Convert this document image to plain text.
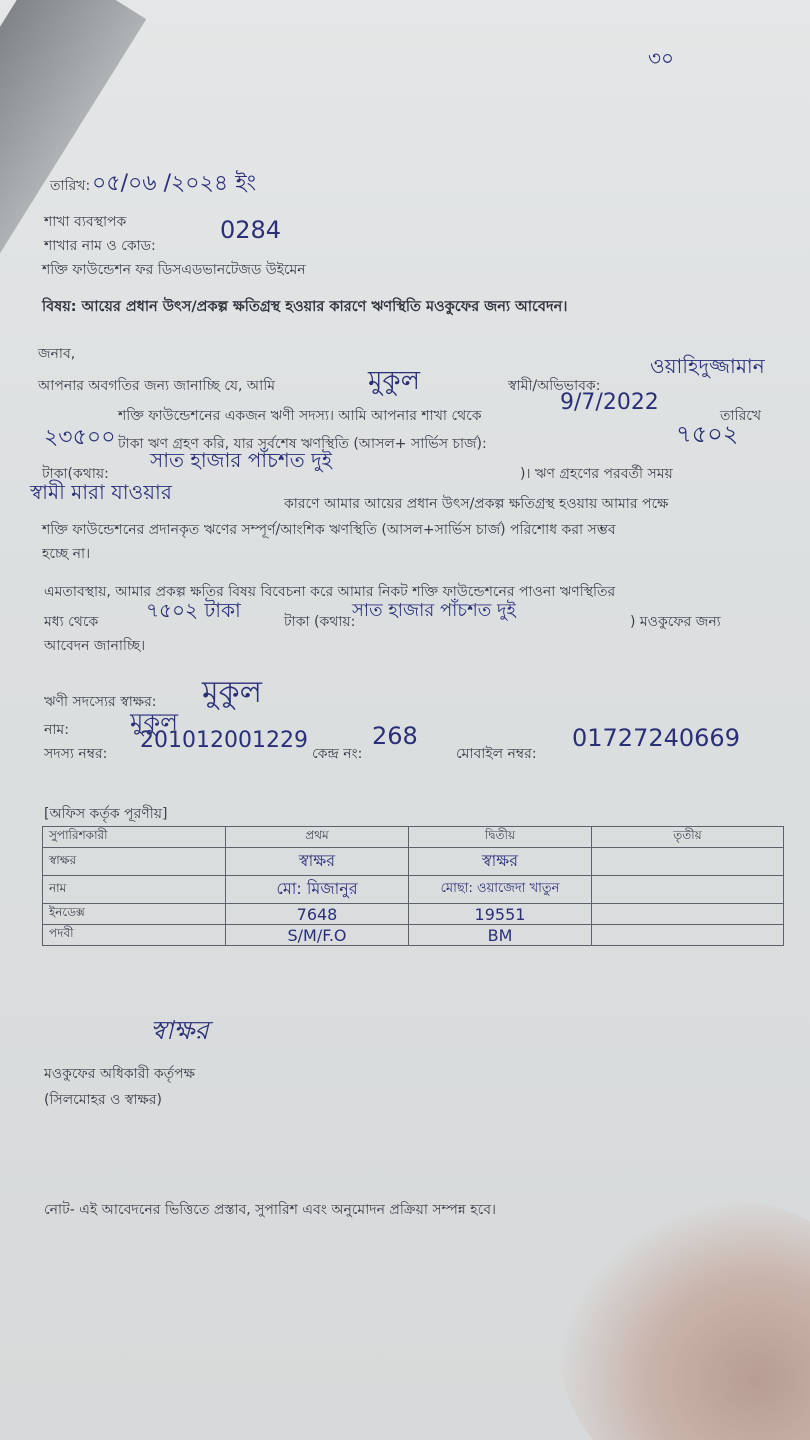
৩০
তারিখ: ০৫/০৬ /২০২৪ ইং
শাখা ব্যবস্থাপক
শাখার নাম ও কোড:
0284
শক্তি ফাউন্ডেশন ফর ডিসএডভানটেজড উইমেন
বিষয়: আয়ের প্রধান উৎস/প্রকল্প ক্ষতিগ্রস্থ হওয়ার কারণে ঋণস্থিতি মওকুফের জন্য আবেদন।
জনাব,
আপনার অবগতির জন্য জানাচ্ছি যে, আমি	মুকুল	স্বামী/অভিভাবক:
ওয়াহিদুজ্জামান
শক্তি ফাউন্ডেশনের একজন ঋণী সদস্য। আমি আপনার শাখা থেকে
9/7/2022
তারিখে
২৩৫০০ টাকা ঋণ গ্রহণ করি, যার সর্বশেষ ঋণস্থিতি (আসল+ সার্ভিস চার্জ):	৭৫০২
টাকা(কথায়:
সাত হাজার পাঁচশত দুই
)। ঋণ গ্রহণের পরবর্তী সময়
স্বামী মারা যাওয়ার	কারণে আমার আয়ের প্রধান উৎস/প্রকল্প ক্ষতিগ্রস্থ হওয়ায় আমার পক্ষে
শক্তি ফাউন্ডেশনের প্রদানকৃত ঋণের সম্পূর্ণ/আংশিক ঋণস্থিতি (আসল+সার্ভিস চার্জ) পরিশোধ করা সম্ভব
হচ্ছে না।
এমতাবস্থায়, আমার প্রকল্প ক্ষতির বিষয় বিবেচনা করে আমার নিকট শক্তি ফাউন্ডেশনের পাওনা ঋণস্থিতির
মধ্য থেকে ৭৫০২ টাকা	টাকা (কথায়:
সাত হাজার পাঁচশত দুই
) মওকুফের জন্য
আবেদন জানাচ্ছি।
ঋণী সদস্যের স্বাক্ষর: মুকুল
নাম:	মুকুল
সদস্য নম্বর:
201012001229
কেন্দ্র নং:
268
মোবাইল নম্বর:
01727240669
[অফিস কর্তৃক পূরণীয়]
সুপারিশকারী	প্রথম	দ্বিতীয়	তৃতীয়
স্বাক্ষর	স্বাক্ষর	স্বাক্ষর	
নাম	মো: মিজানুর	মোছা: ওয়াজেদা খাতুন	
ইনডেক্স	7648	19551	
পদবী	S/M/F.O	BM	
স্বাক্ষর
মওকুফের অধিকারী কর্তৃপক্ষ
(সিলমোহর ও স্বাক্ষর)
নোট- এই আবেদনের ভিত্তিতে প্রস্তাব, সুপারিশ এবং অনুমোদন প্রক্রিয়া সম্পন্ন হবে।
